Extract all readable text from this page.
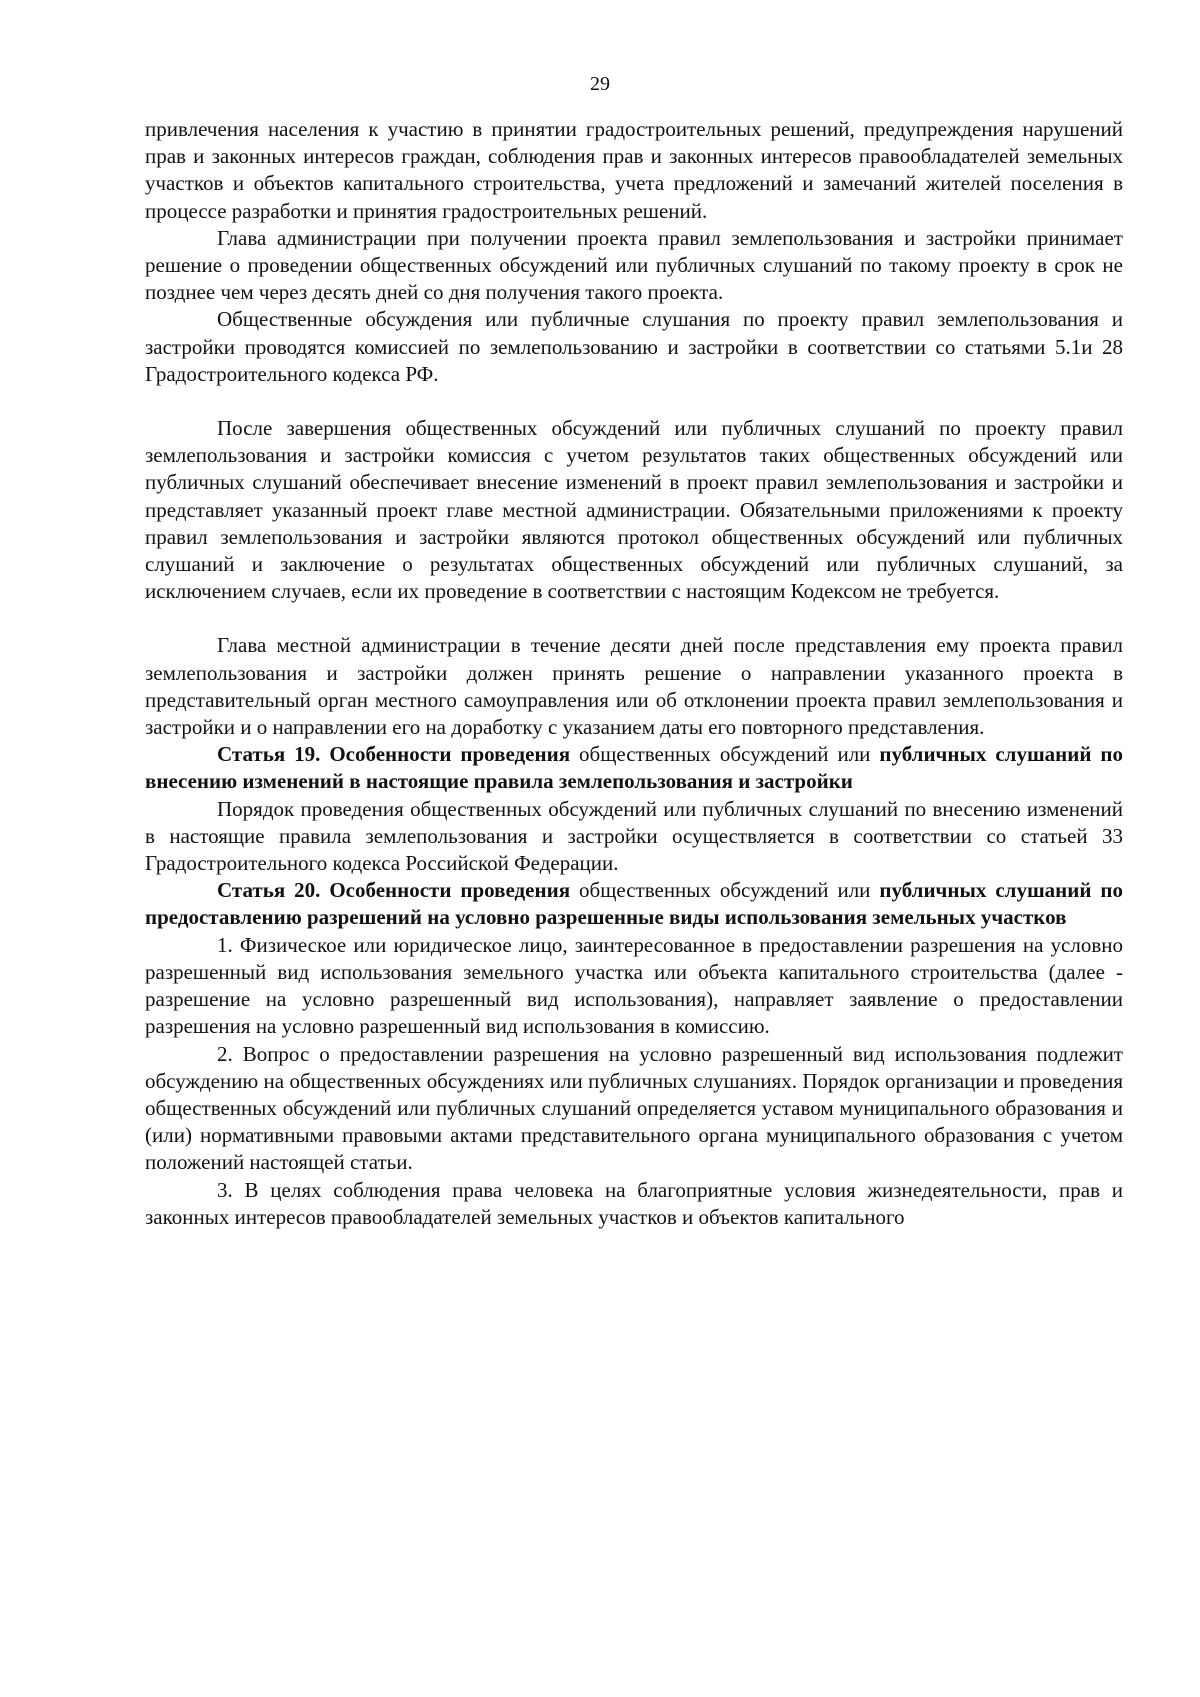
29

привлечения населения к участию в принятии градостроительных решений, предупреждения нарушений прав и законных интересов граждан, соблюдения прав и законных интересов правообладателей земельных участков и объектов капитального строительства, учета предложений и замечаний жителей поселения в процессе разработки и принятия градостроительных решений.

Глава администрации при получении проекта правил землепользования и застройки принимает решение о проведении общественных обсуждений или публичных слушаний по такому проекту в срок не позднее чем через десять дней со дня получения такого проекта.

Общественные обсуждения или публичные слушания по проекту правил землепользования и застройки проводятся комиссией по землепользованию и застройки в соответствии со статьями 5.1и 28 Градостроительного кодекса РФ.

После завершения общественных обсуждений или публичных слушаний по проекту правил землепользования и застройки комиссия с учетом результатов таких общественных обсуждений или публичных слушаний обеспечивает внесение изменений в проект правил землепользования и застройки и представляет указанный проект главе местной администрации. Обязательными приложениями к проекту правил землепользования и застройки являются протокол общественных обсуждений или публичных слушаний и заключение о результатах общественных обсуждений или публичных слушаний, за исключением случаев, если их проведение в соответствии с настоящим Кодексом не требуется.

Глава местной администрации в течение десяти дней после представления ему проекта правил землепользования и застройки должен принять решение о направлении указанного проекта в представительный орган местного самоуправления или об отклонении проекта правил землепользования и застройки и о направлении его на доработку с указанием даты его повторного представления.

Статья 19. Особенности проведения общественных обсуждений или публичных слушаний по внесению изменений в настоящие правила землепользования и застройки

Порядок проведения общественных обсуждений или публичных слушаний по внесению изменений в настоящие правила землепользования и застройки осуществляется в соответствии со статьей 33 Градостроительного кодекса Российской Федерации.

Статья 20. Особенности проведения общественных обсуждений или публичных слушаний по предоставлению разрешений на условно разрешенные виды использования земельных участков

1. Физическое или юридическое лицо, заинтересованное в предоставлении разрешения на условно разрешенный вид использования земельного участка или объекта капитального строительства (далее - разрешение на условно разрешенный вид использования), направляет заявление о предоставлении разрешения на условно разрешенный вид использования в комиссию.

2. Вопрос о предоставлении разрешения на условно разрешенный вид использования подлежит обсуждению на общественных обсуждениях или публичных слушаниях. Порядок организации и проведения общественных обсуждений или публичных слушаний определяется уставом муниципального образования и (или) нормативными правовыми актами представительного органа муниципального образования с учетом положений настоящей статьи.

3. В целях соблюдения права человека на благоприятные условия жизнедеятельности, прав и законных интересов правообладателей земельных участков и объектов капитального
